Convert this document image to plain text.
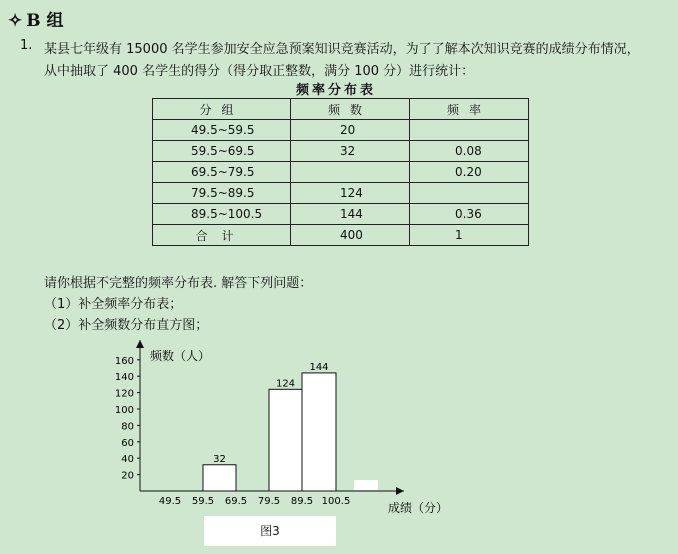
✧ B 组
1. 某县七年级有 15000 名学生参加安全应急预案知识竞赛活动，为了了解本次知识竞赛的成绩分布情况，
从中抽取了 400 名学生的得分（得分取正整数，满分 100 分）进行统计：
频率分布表
分组	频数	频率
49.5~59.5	20	
59.5~69.5	32	0.08
69.5~79.5		0.20
79.5~89.5	124	
89.5~100.5	144	0.36
合计	400	1
请你根据不完整的频率分布表. 解答下列问题：
（1）补全频率分布表；
（2）补全频数分布直方图；
20
40
60
80
100
120
140
160
49.5 59.5 69.5 79.5 89.5 100.5
32
124
144
频数（人）
成绩（分）
图3
